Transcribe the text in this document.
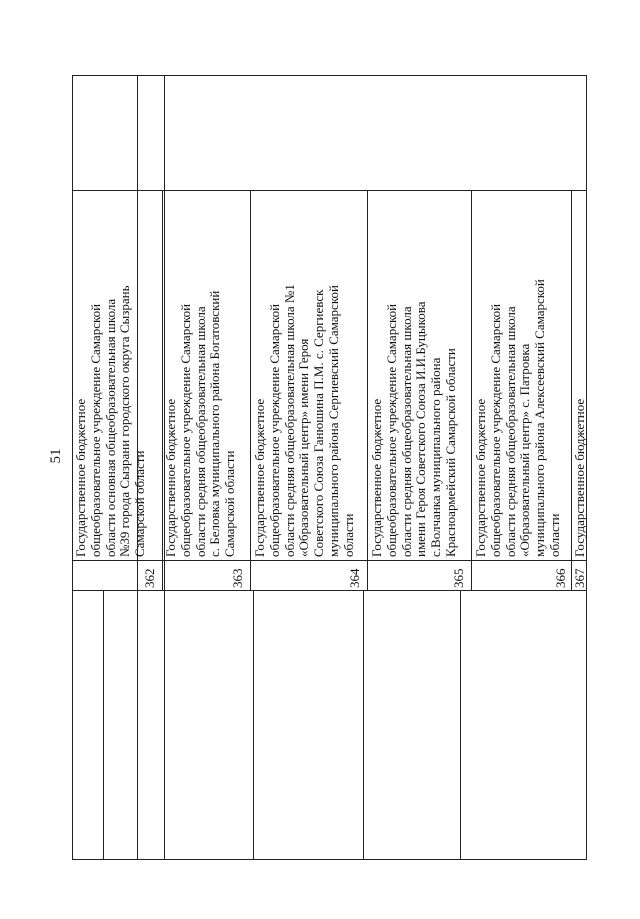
51 Государственное бюджетное общеобразовательное учреждение Самарской области основная общеобразовательная школа №39 города Сызрани городского округа Сызрань Самарской области
362
Государственное бюджетное общеобразовательное учреждение Самарской области средняя общеобразовательная школа с. Беловка муниципального района Богатовский Самарской области
363
Государственное бюджетное общеобразовательное учреждение Самарской области средняя общеобразовательная школа №1 «Образовательный центр» имени Героя Советского Союза Ганюшина П.М. с. Сергиевск муниципального района Сергиевский Самарской области
364
Государственное бюджетное общеобразовательное учреждение Самарской области средняя общеобразовательная школа имени Героя Советского Союза И.И.Буцыкова с.Волчанка муниципального района Красноармейский Самарской области
365
Государственное бюджетное общеобразовательное учреждение Самарской области средняя общеобразовательная школа «Образовательный центр» с. Патровка муниципального района Алексеевский Самарской области
366
Государственное бюджетное
367
